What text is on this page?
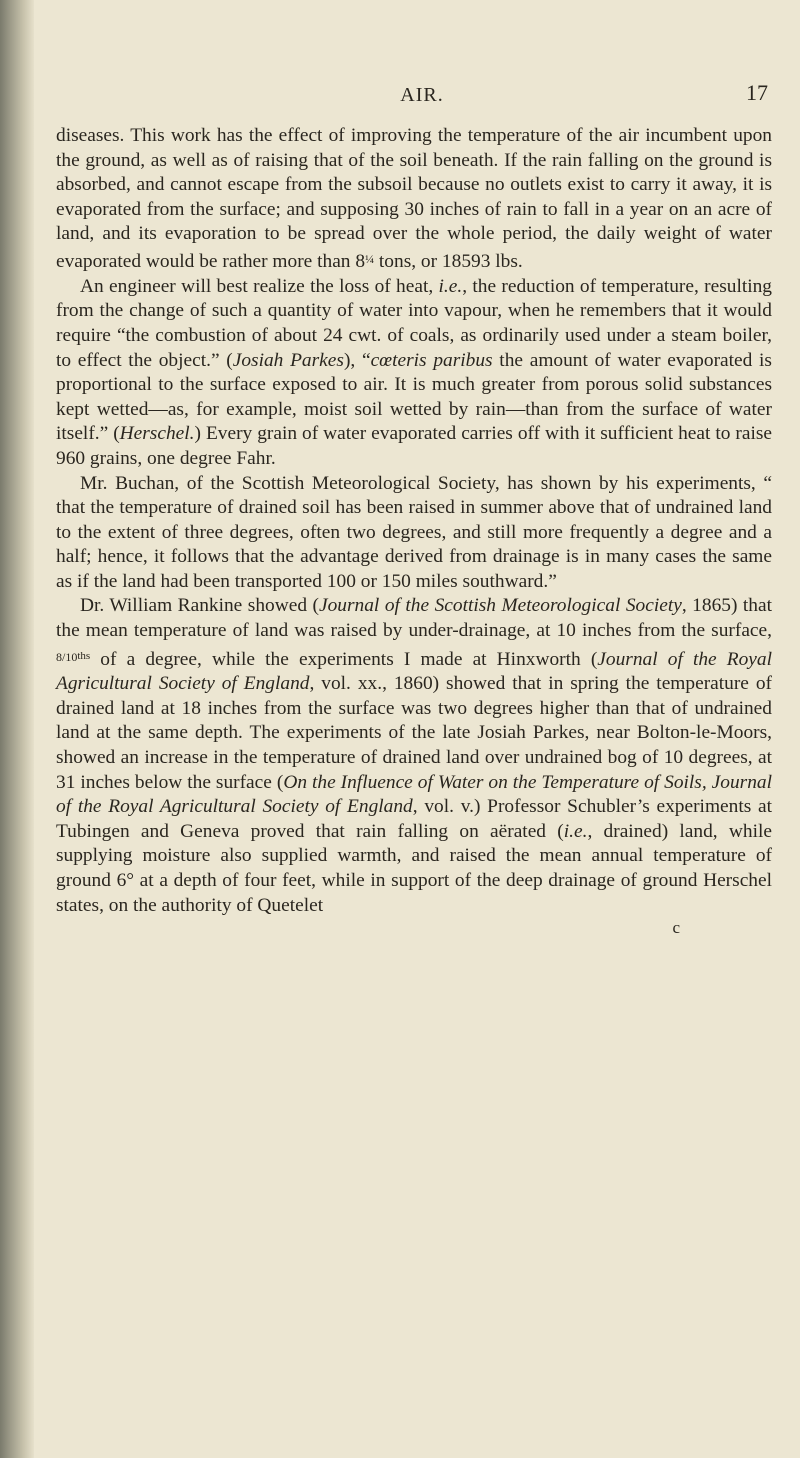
AIR.	17

diseases. This work has the effect of improving the temperature of the air incumbent upon the ground, as well as of raising that of the soil beneath. If the rain falling on the ground is absorbed, and cannot escape from the subsoil because no outlets exist to carry it away, it is evaporated from the surface; and supposing 30 inches of rain to fall in a year on an acre of land, and its evaporation to be spread over the whole period, the daily weight of water evaporated would be rather more than $8^{\frac{1}{4}}$ tons, or 18593 lbs.

An engineer will best realize the loss of heat, i.e., the reduction of temperature, resulting from the change of such a quantity of water into vapour, when he remembers that it would require “the combustion of about 24 cwt. of coals, as ordinarily used under a steam boiler, to effect the object.” (Josiah Parkes), “cœteris paribus the amount of water evaporated is proportional to the surface exposed to air. It is much greater from porous solid substances kept wetted—as, for example, moist soil wetted by rain—than from the surface of water itself.” (Herschel.) Every grain of water evaporated carries off with it sufficient heat to raise 960 grains, one degree Fahr.

Mr. Buchan, of the Scottish Meteorological Society, has shown by his experiments, “ that the temperature of drained soil has been raised in summer above that of undrained land to the extent of three degrees, often two degrees, and still more frequently a degree and a half; hence, it follows that the advantage derived from drainage is in many cases the same as if the land had been transported 100 or 150 miles southward.”

Dr. William Rankine showed (Journal of the Scottish Meteorological Society, 1865) that the mean temperature of land was raised by under-drainage, at 10 inches from the surface, $^{8/10ths}$ of a degree, while the experiments I made at Hinxworth (Journal of the Royal Agricultural Society of England, vol. xx., 1860) showed that in spring the temperature of drained land at 18 inches from the surface was two degrees higher than that of undrained land at the same depth. The experiments of the late Josiah Parkes, near Bolton-le-Moors, showed an increase in the temperature of drained land over undrained bog of 10 degrees, at 31 inches below the surface (On the Influence of Water on the Temperature of Soils, Journal of the Royal Agricultural Society of England, vol. v.) Professor Schubler’s experiments at Tubingen and Geneva proved that rain falling on aërated (i.e., drained) land, while supplying moisture also supplied warmth, and raised the mean annual temperature of ground 6° at a depth of four feet, while in support of the deep drainage of ground Herschel states, on the authority of Quetelet

c
